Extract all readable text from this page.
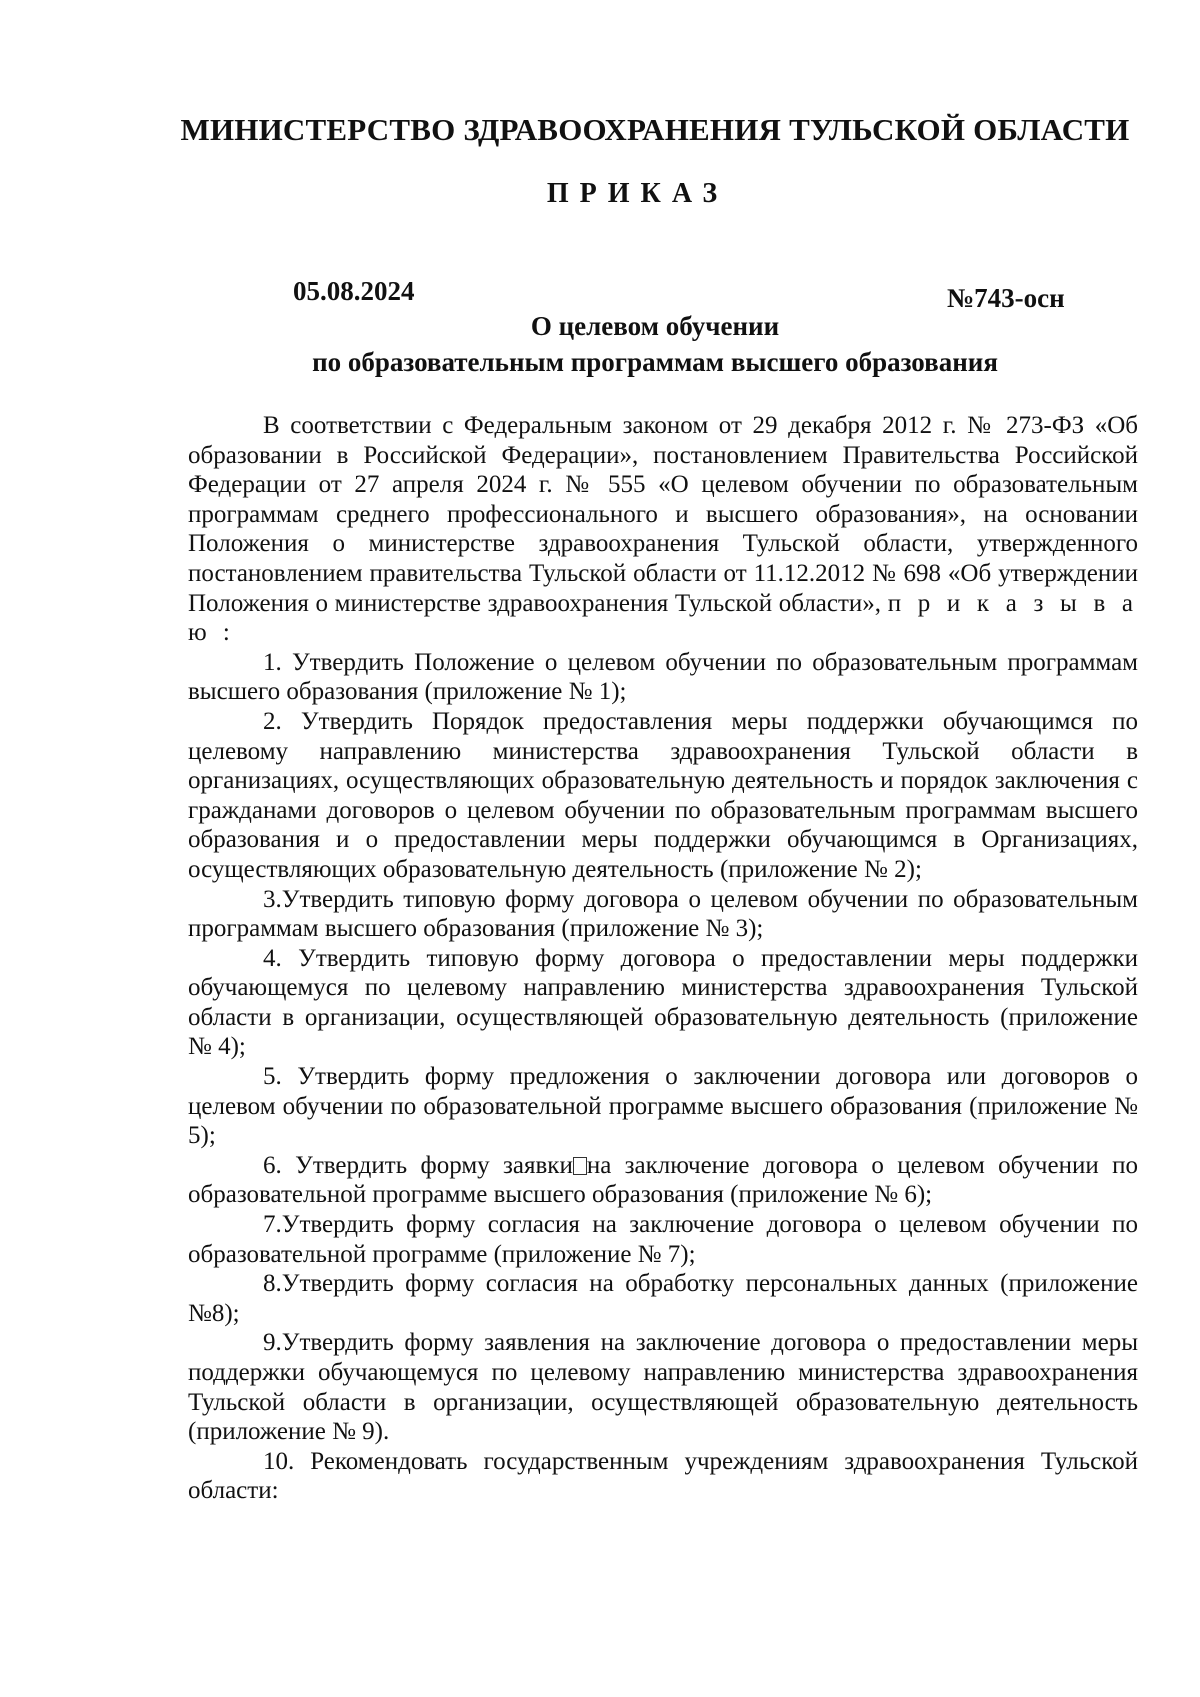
МИНИСТЕРСТВО ЗДРАВООХРАНЕНИЯ ТУЛЬСКОЙ ОБЛАСТИ
ПРИКАЗ
05.08.2024	№743-осн
О целевом обучении
по образовательным программам высшего образования

В соответствии с Федеральным законом от 29 декабря 2012 г. № 273-ФЗ «Об образовании в Российской Федерации», постановлением Правительства Российской Федерации от 27 апреля 2024 г. № 555 «О целевом обучении по образовательным программам среднего профессионального и высшего образования», на основании Положения о министерстве здравоохранения Тульской области, утвержденного постановлением правительства Тульской области от 11.12.2012 № 698 «Об утверждении Положения о министерстве здравоохранения Тульской области», п р и к а з ы в а ю :

1. Утвердить Положение о целевом обучении по образовательным программам высшего образования (приложение № 1);

2. Утвердить Порядок предоставления меры поддержки обучающимся по целевому направлению министерства здравоохранения Тульской области в организациях, осуществляющих образовательную деятельность и порядок заключения с гражданами договоров о целевом обучении по образовательным программам высшего образования и о предоставлении меры поддержки обучающимся в Организациях, осуществляющих образовательную деятельность (приложение № 2);

3.Утвердить типовую форму договора о целевом обучении по образовательным программам высшего образования (приложение № 3);

4. Утвердить типовую форму договора о предоставлении меры поддержки обучающемуся по целевому направлению министерства здравоохранения Тульской области в организации, осуществляющей образовательную деятельность (приложение № 4);

5. Утвердить форму предложения о заключении договора или договоров о целевом обучении по образовательной программе высшего образования (приложение № 5);

6. Утвердить форму заявки на заключение договора о целевом обучении по образовательной программе высшего образования (приложение № 6);

7.Утвердить форму согласия на заключение договора о целевом обучении по образовательной программе (приложение № 7);

8.Утвердить форму согласия на обработку персональных данных (приложение №8);

9.Утвердить форму заявления на заключение договора о предоставлении меры поддержки обучающемуся по целевому направлению министерства здравоохранения Тульской области в организации, осуществляющей образовательную деятельность (приложение № 9).

10. Рекомендовать государственным учреждениям здравоохранения Тульской области:
